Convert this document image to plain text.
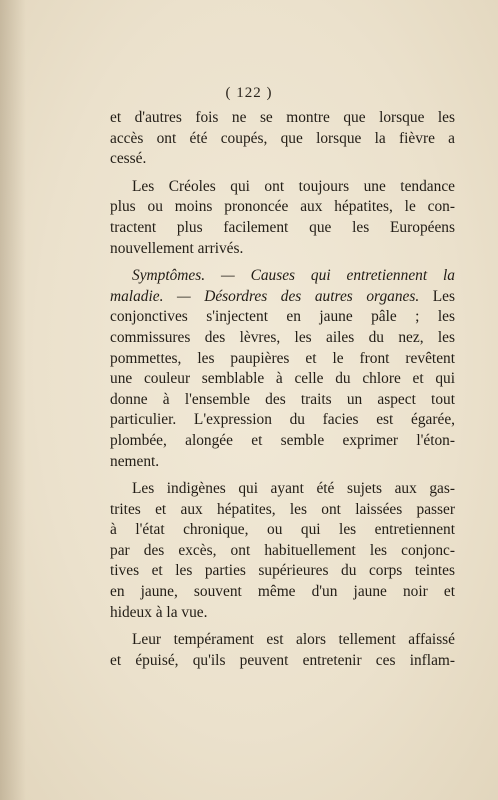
( 122 )
et d'autres fois ne se montre que lorsque les
accès ont été coupés, que lorsque la fièvre a
cessé.
Les Créoles qui ont toujours une tendance
plus ou moins prononcée aux hépatites, le con-
tractent plus facilement que les Européens
nouvellement arrivés.
Symptômes. — Causes qui entretiennent la
maladie. — Désordres des autres organes. Les
conjonctives s'injectent en jaune pâle ; les
commissures des lèvres, les ailes du nez, les
pommettes, les paupières et le front revêtent
une couleur semblable à celle du chlore et qui
donne à l'ensemble des traits un aspect tout
particulier. L'expression du facies est égarée,
plombée, alongée et semble exprimer l'éton-
nement.
Les indigènes qui ayant été sujets aux gas-
trites et aux hépatites, les ont laissées passer
à l'état chronique, ou qui les entretiennent
par des excès, ont habituellement les conjonc-
tives et les parties supérieures du corps teintes
en jaune, souvent même d'un jaune noir et
hideux à la vue.
Leur tempérament est alors tellement affaissé
et épuisé, qu'ils peuvent entretenir ces inflam-
